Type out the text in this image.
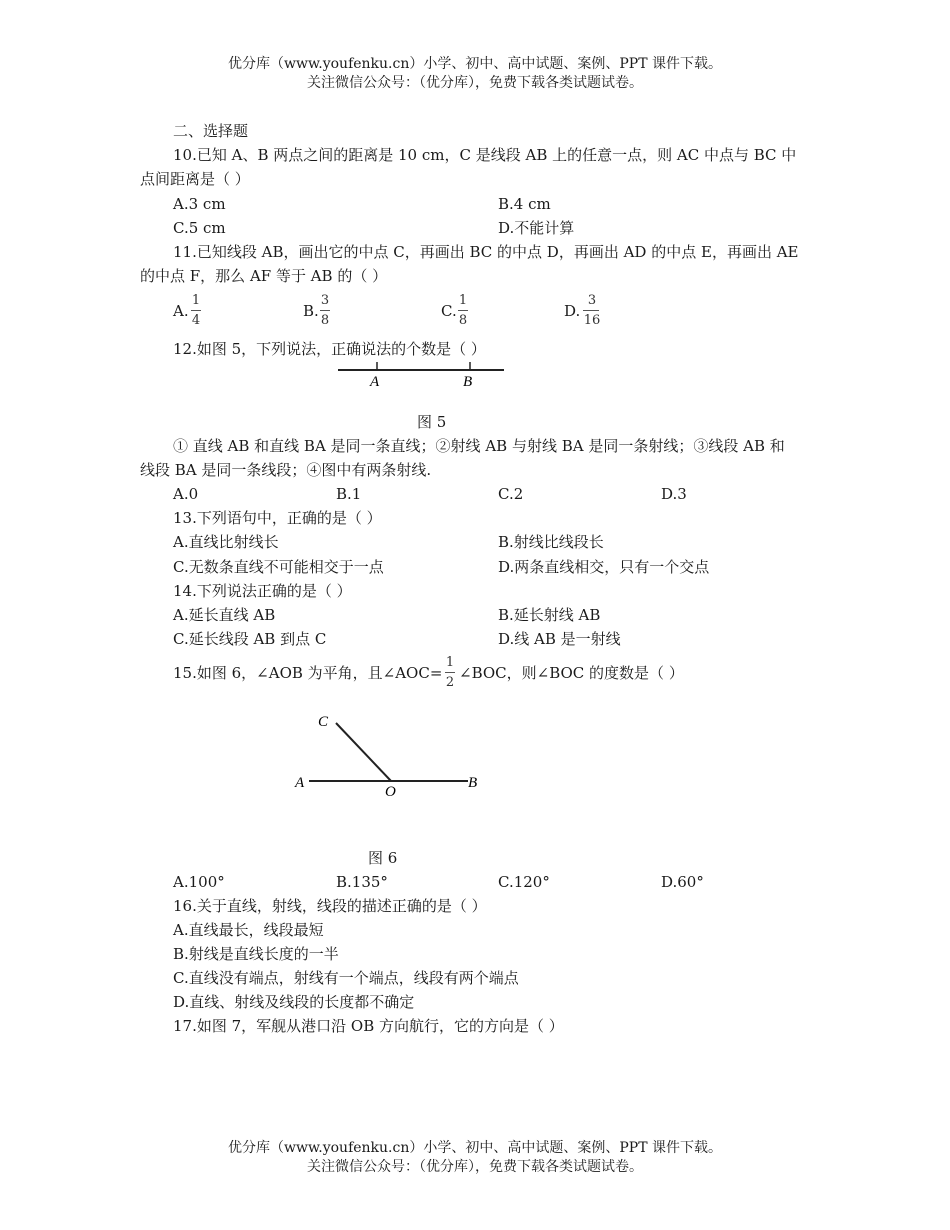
优分库（www.youfenku.cn）小学、初中、高中试题、案例、PPT 课件下载。
关注微信公众号：（优分库），免费下载各类试题试卷。
二、选择题
10.已知 A、B 两点之间的距离是 10 cm，C 是线段 AB 上的任意一点，则 AC 中点与 BC 中
点间距离是（ ）
A.3 cm	B.4 cm
C.5 cm	D.不能计算
11.已知线段 AB，画出它的中点 C，再画出 BC 的中点 D，再画出 AD 的中点 E，再画出 AE
的中点 F，那么 AF 等于 AB 的（ ）
A.
1
4
B.
3
8
C.
1
8
D.
3
16
12.如图 5，下列说法，正确说法的个数是（ ）
A	B
图 5
① 直线 AB 和直线 BA 是同一条直线；②射线 AB 与射线 BA 是同一条射线；③线段 AB 和
线段 BA 是同一条线段；④图中有两条射线.
A.0	B.1	C.2	D.3
13.下列语句中，正确的是（ ）
A.直线比射线长	B.射线比线段长
C.无数条直线不可能相交于一点	D.两条直线相交，只有一个交点
14.下列说法正确的是（ ）
A.延长直线 AB	B.延长射线 AB
C.延长线段 AB 到点 C	D.线 AB 是一射线
15.如图 6，∠AOB 为平角，且∠AOC=
1
2
∠BOC，则∠BOC 的度数是（ ）
C
A
O
B
图 6
A.100°	B.135°	C.120°	D.60°
16.关于直线，射线，线段的描述正确的是（ ）
A.直线最长，线段最短
B.射线是直线长度的一半
C.直线没有端点，射线有一个端点，线段有两个端点
D.直线、射线及线段的长度都不确定
17.如图 7，军舰从港口沿 OB 方向航行，它的方向是（ ）
优分库（www.youfenku.cn）小学、初中、高中试题、案例、PPT 课件下载。
关注微信公众号：（优分库），免费下载各类试题试卷。
